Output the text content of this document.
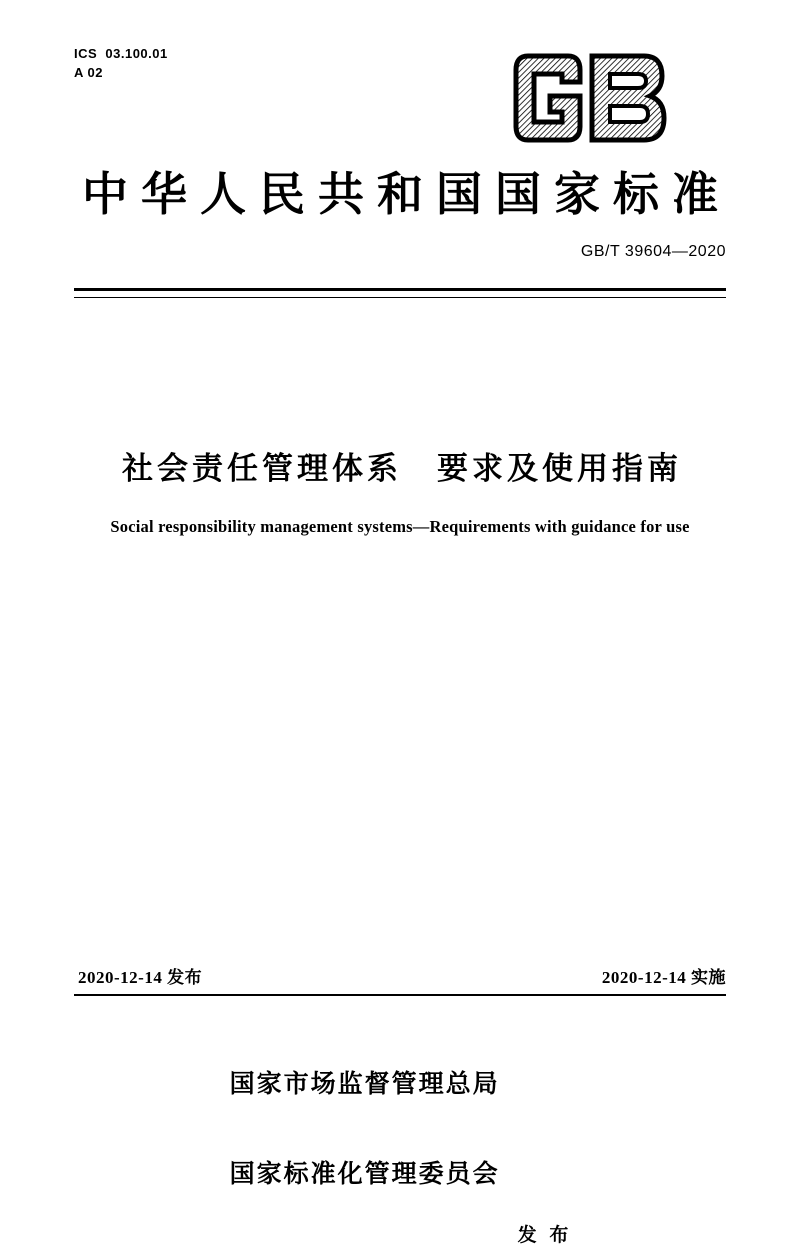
ICS  03.100.01
A 02
中华人民共和国国家标准
GB/T 39604—2020
社会责任管理体系　要求及使用指南
Social responsibility management systems—Requirements with guidance for use
2020-12-14 发布	2020-12-14 实施

国家市场监督管理总局

国家标准化管理委员会

发 布
